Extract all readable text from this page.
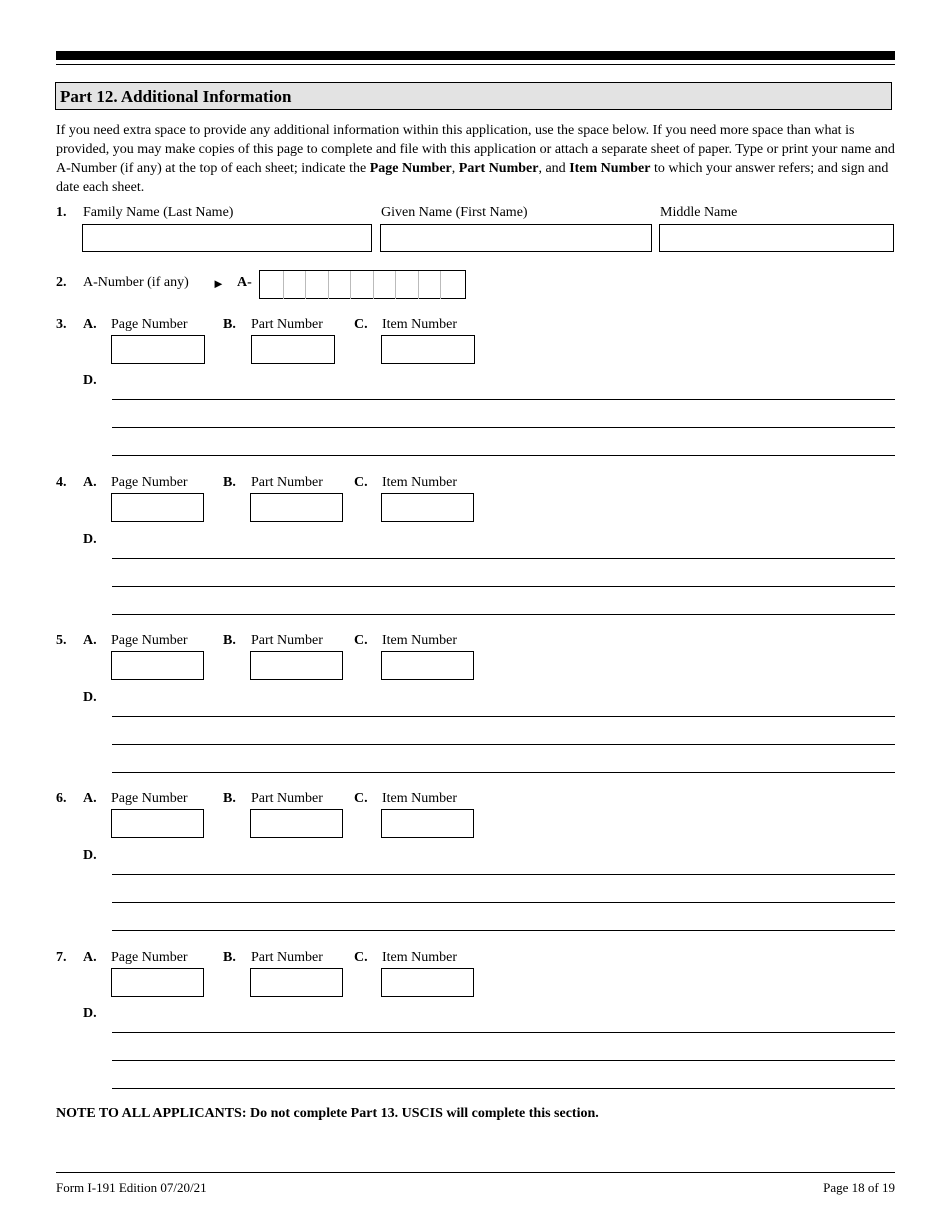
Part 12. Additional Information
If you need extra space to provide any additional information within this application, use the space below. If you need more space than what is provided, you may make copies of this page to complete and file with this application or attach a separate sheet of paper. Type or print your name and A-Number (if any) at the top of each sheet; indicate the Page Number, Part Number, and Item Number to which your answer refers; and sign and date each sheet.
1. Family Name (Last Name)	Given Name (First Name)	Middle Name
2. A-Number (if any) ► A-
3. A. Page Number	B. Part Number C. Item Number
D.
4. A. Page Number	B. Part Number C. Item Number
D.
5. A. Page Number	B. Part Number C. Item Number
D.
6. A. Page Number	B. Part Number C. Item Number
D.
7. A. Page Number	B. Part Number C. Item Number
D.
NOTE TO ALL APPLICANTS: Do not complete Part 13. USCIS will complete this section.
Form I-191 Edition 07/20/21	Page 18 of 19
